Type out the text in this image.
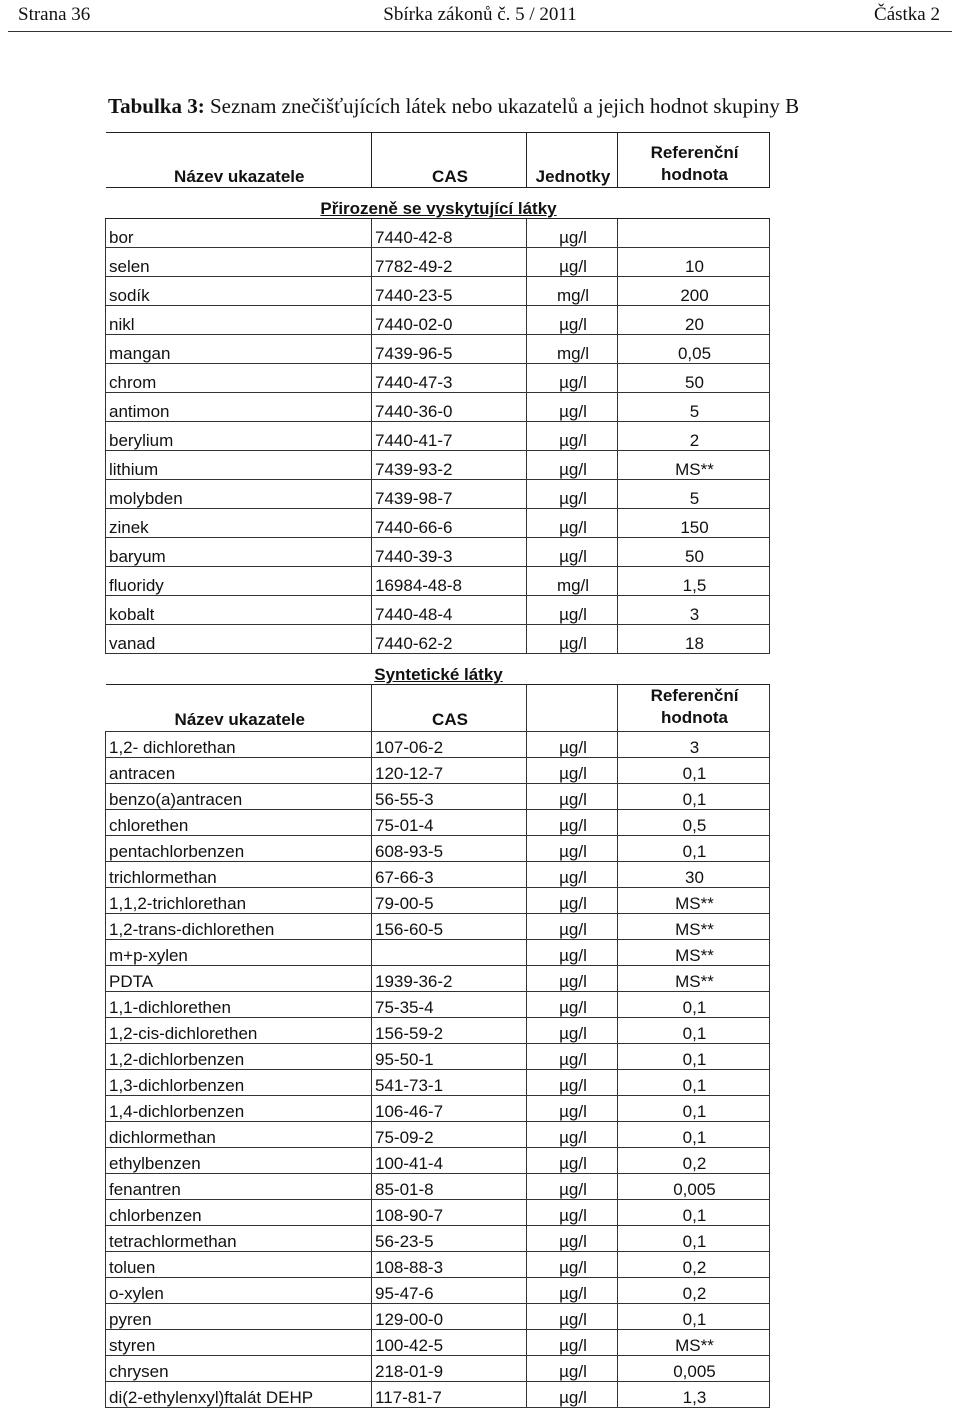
Strana 36	Sbírka zákonů č. 5 / 2011	Částka 2
Tabulka 3: Seznam znečišťujících látek nebo ukazatelů a jejich hodnot skupiny B
Název ukazatele	CAS	Jednotky	Referenční
hodnota
Přirozeně se vyskytující látky			
bor	7440-42-8	µg/l	
selen	7782-49-2	µg/l	10
sodík	7440-23-5	mg/l	200
nikl	7440-02-0	µg/l	20
mangan	7439-96-5	mg/l	0,05
chrom	7440-47-3	µg/l	50
antimon	7440-36-0	µg/l	5
berylium	7440-41-7	µg/l	2
lithium	7439-93-2	µg/l	MS**
molybden	7439-98-7	µg/l	5
zinek	7440-66-6	µg/l	150
baryum	7440-39-3	µg/l	50
fluoridy	16984-48-8	mg/l	1,5
kobalt	7440-48-4	µg/l	3
vanad	7440-62-2	µg/l	18
Syntetické látky			
Název ukazatele	CAS		Referenční
hodnota
1,2- dichlorethan	107-06-2	µg/l	3
antracen	120-12-7	µg/l	0,1
benzo(a)antracen	56-55-3	µg/l	0,1
chlorethen	75-01-4	µg/l	0,5
pentachlorbenzen	608-93-5	µg/l	0,1
trichlormethan	67-66-3	µg/l	30
1,1,2-trichlorethan	79-00-5	µg/l	MS**
1,2-trans-dichlorethen	156-60-5	µg/l	MS**
m+p-xylen		µg/l	MS**
PDTA	1939-36-2	µg/l	MS**
1,1-dichlorethen	75-35-4	µg/l	0,1
1,2-cis-dichlorethen	156-59-2	µg/l	0,1
1,2-dichlorbenzen	95-50-1	µg/l	0,1
1,3-dichlorbenzen	541-73-1	µg/l	0,1
1,4-dichlorbenzen	106-46-7	µg/l	0,1
dichlormethan	75-09-2	µg/l	0,1
ethylbenzen	100-41-4	µg/l	0,2
fenantren	85-01-8	µg/l	0,005
chlorbenzen	108-90-7	µg/l	0,1
tetrachlormethan	56-23-5	µg/l	0,1
toluen	108-88-3	µg/l	0,2
o-xylen	95-47-6	µg/l	0,2
pyren	129-00-0	µg/l	0,1
styren	100-42-5	µg/l	MS**
chrysen	218-01-9	µg/l	0,005
di(2-ethylenxyl)ftalát DEHP	117-81-7	µg/l	1,3
